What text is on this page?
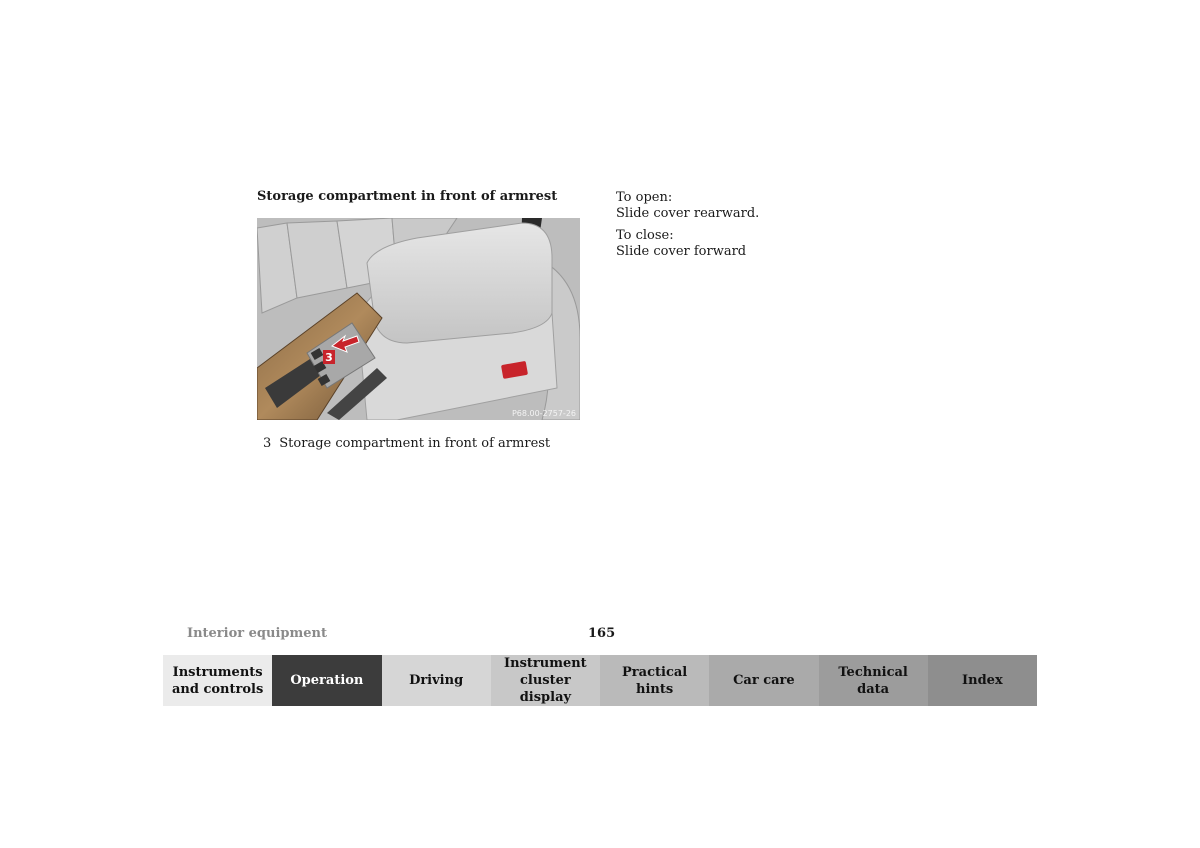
Storage compartment in front of armrest
3
P68.00-2757-26
3 Storage compartment in front of armrest

To open:
Slide cover rearward.

To close:
Slide cover forward

Interior equipment	165
Instruments
and controls
Operation	Driving
Instrument
cluster display
Practical hints
Car care
Technical
data
Index
